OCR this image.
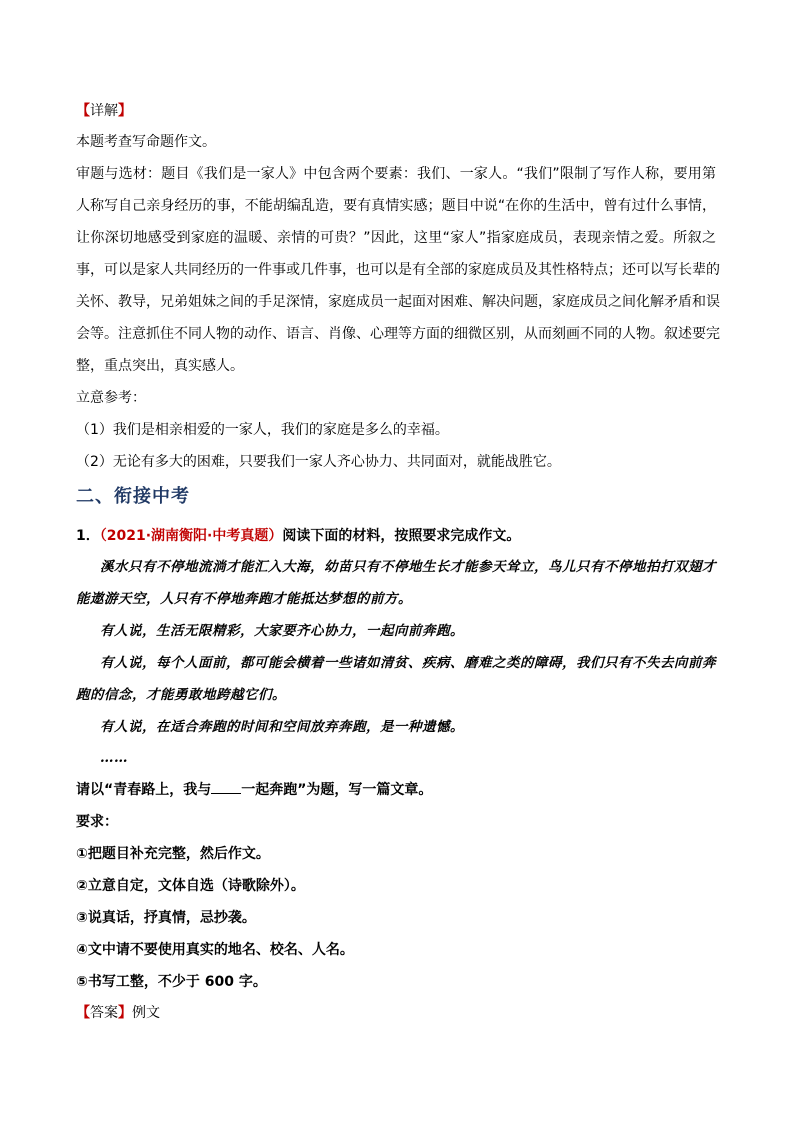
【详解】
本题考查写命题作文。
审题与选材：题目《我们是一家人》中包含两个要素：我们、一家人。“我们”限制了写作人称，要用第
人称写自己亲身经历的事，不能胡编乱造，要有真情实感；题目中说“在你的生活中，曾有过什么事情，
让你深切地感受到家庭的温暖、亲情的可贵？”因此，这里“家人”指家庭成员，表现亲情之爱。所叙之
事，可以是家人共同经历的一件事或几件事，也可以是有全部的家庭成员及其性格特点；还可以写长辈的
关怀、教导，兄弟姐妹之间的手足深情，家庭成员一起面对困难、解决问题，家庭成员之间化解矛盾和误
会等。注意抓住不同人物的动作、语言、肖像、心理等方面的细微区别，从而刻画不同的人物。叙述要完
整，重点突出，真实感人。
立意参考：
（1）我们是相亲相爱的一家人，我们的家庭是多么的幸福。
（2）无论有多大的困难，只要我们一家人齐心协力、共同面对，就能战胜它。
二、衔接中考
1．（2021·湖南衡阳·中考真题）阅读下面的材料，按照要求完成作文。
溪水只有不停地流淌才能汇入大海，幼苗只有不停地生长才能参天耸立，鸟儿只有不停地拍打双翅才
能遨游天空，人只有不停地奔跑才能抵达梦想的前方。
有人说，生活无限精彩，大家要齐心协力，一起向前奔跑。
有人说，每个人面前，都可能会横着一些诸如清贫、疾病、磨难之类的障碍，我们只有不失去向前奔
跑的信念，才能勇敢地跨越它们。
有人说，在适合奔跑的时间和空间放弃奔跑，是一种遗憾。
……
请以“青春路上，我与 一起奔跑”为题，写一篇文章。
要求：
①把题目补充完整，然后作文。
②立意自定，文体自选（诗歌除外）。
③说真话，抒真情，忌抄袭。
④文中请不要使用真实的地名、校名、人名。
⑤书写工整，不少于 600 字。
【答案】例文
